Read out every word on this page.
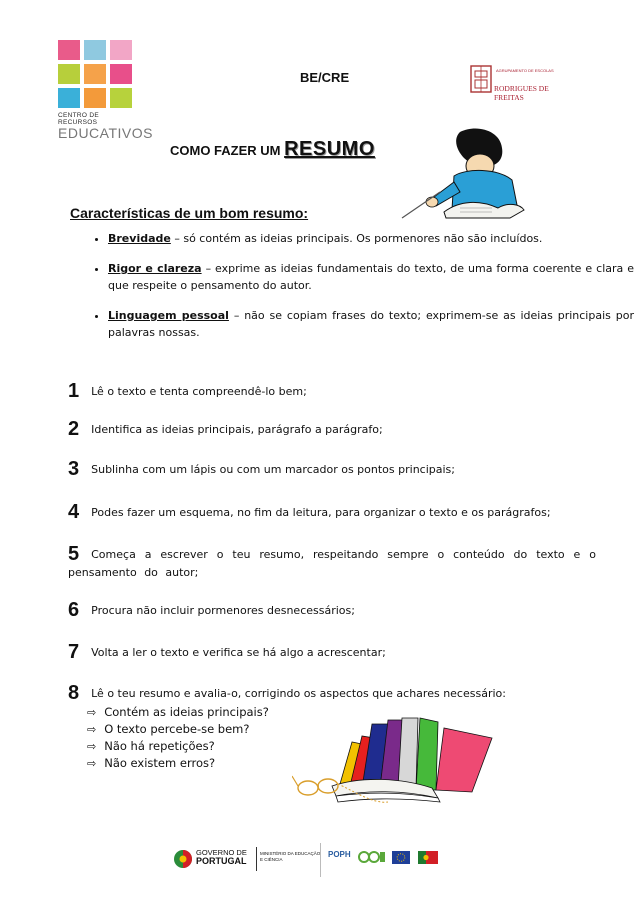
CENTRO DE RECURSOS
EDUCATIVOS
BE/CRE	AGRUPAMENTO DE ESCOLAS
RODRIGUES DE FREITAS
COMO FAZER UM RESUMO
Características de um bom resumo:
• Brevidade – só contém as ideias principais. Os pormenores não são incluídos.
• Rigor e clareza – exprime as ideias fundamentais do texto, de uma forma coerente e clara e que respeite o pensamento do autor.
• Linguagem pessoal – não se copiam frases do texto; exprimem-se as ideias principais por palavras nossas.
1 Lê o texto e tenta compreendê-lo bem;
2 Identifica as ideias principais, parágrafo a parágrafo;
3 Sublinha com um lápis ou com um marcador os pontos principais;
4 Podes fazer um esquema, no fim da leitura, para organizar o texto e os parágrafos;
5 Começa a escrever o teu resumo, respeitando sempre o conteúdo do texto e o pensamento do autor;
6 Procura não incluir pormenores desnecessários;
7 Volta a ler o texto e verifica se há algo a acrescentar;
8 Lê o teu resumo e avalia-o, corrigindo os aspectos que achares necessário:
⇨ Contém as ideias principais?
⇨ O texto percebe-se bem?
⇨ Não há repetições?
⇨ Não existem erros?
GOVERNO DE
PORTUGAL
MINISTÉRIO DA EDUCAÇÃO
E CIÊNCIA
POPH
